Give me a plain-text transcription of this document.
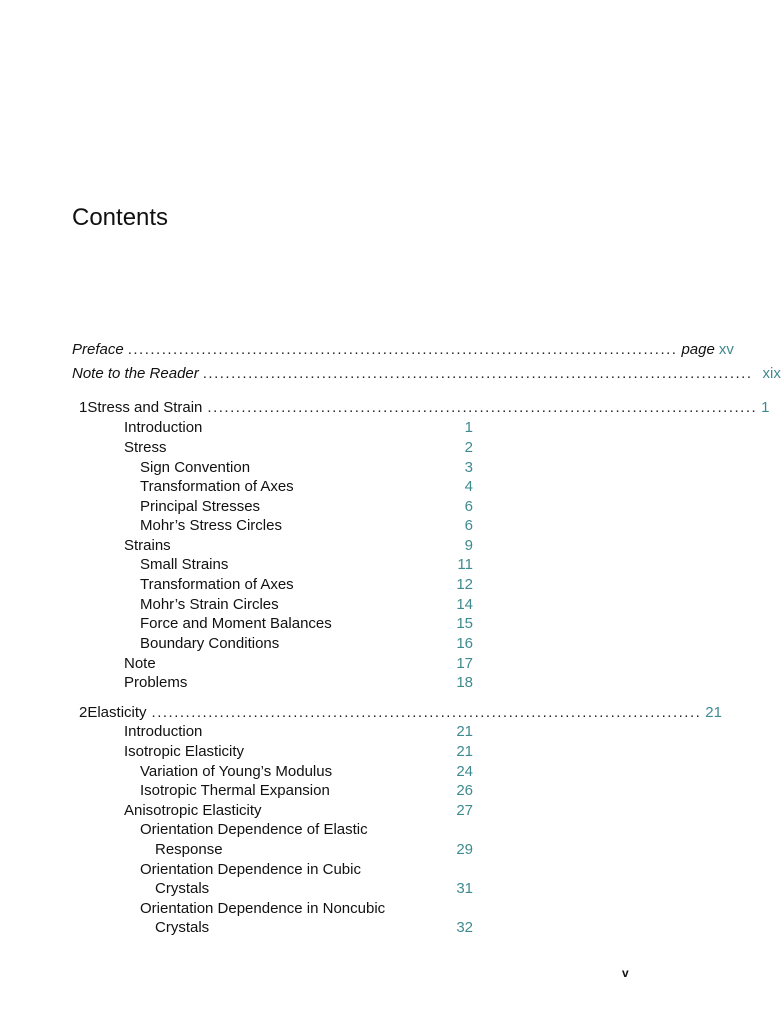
Contents
Preface ................................................................................................. page xv
Note to the Reader ................................................................................................. xix
1 Stress and Strain ................................................................................................. 1
Introduction	1
Stress	2
Sign Convention	3
Transformation of Axes	4
Principal Stresses	6
Mohr’s Stress Circles	6
Strains	9
Small Strains	11
Transformation of Axes	12
Mohr’s Strain Circles	14
Force and Moment Balances	15
Boundary Conditions	16
Note	17
Problems	18
2 Elasticity ................................................................................................. 21
Introduction	21
Isotropic Elasticity	21
Variation of Young’s Modulus	24
Isotropic Thermal Expansion	26
Anisotropic Elasticity	27
Orientation Dependence of Elastic
Response	29
Orientation Dependence in Cubic
Crystals	31
Orientation Dependence in Noncubic
Crystals	32
v
